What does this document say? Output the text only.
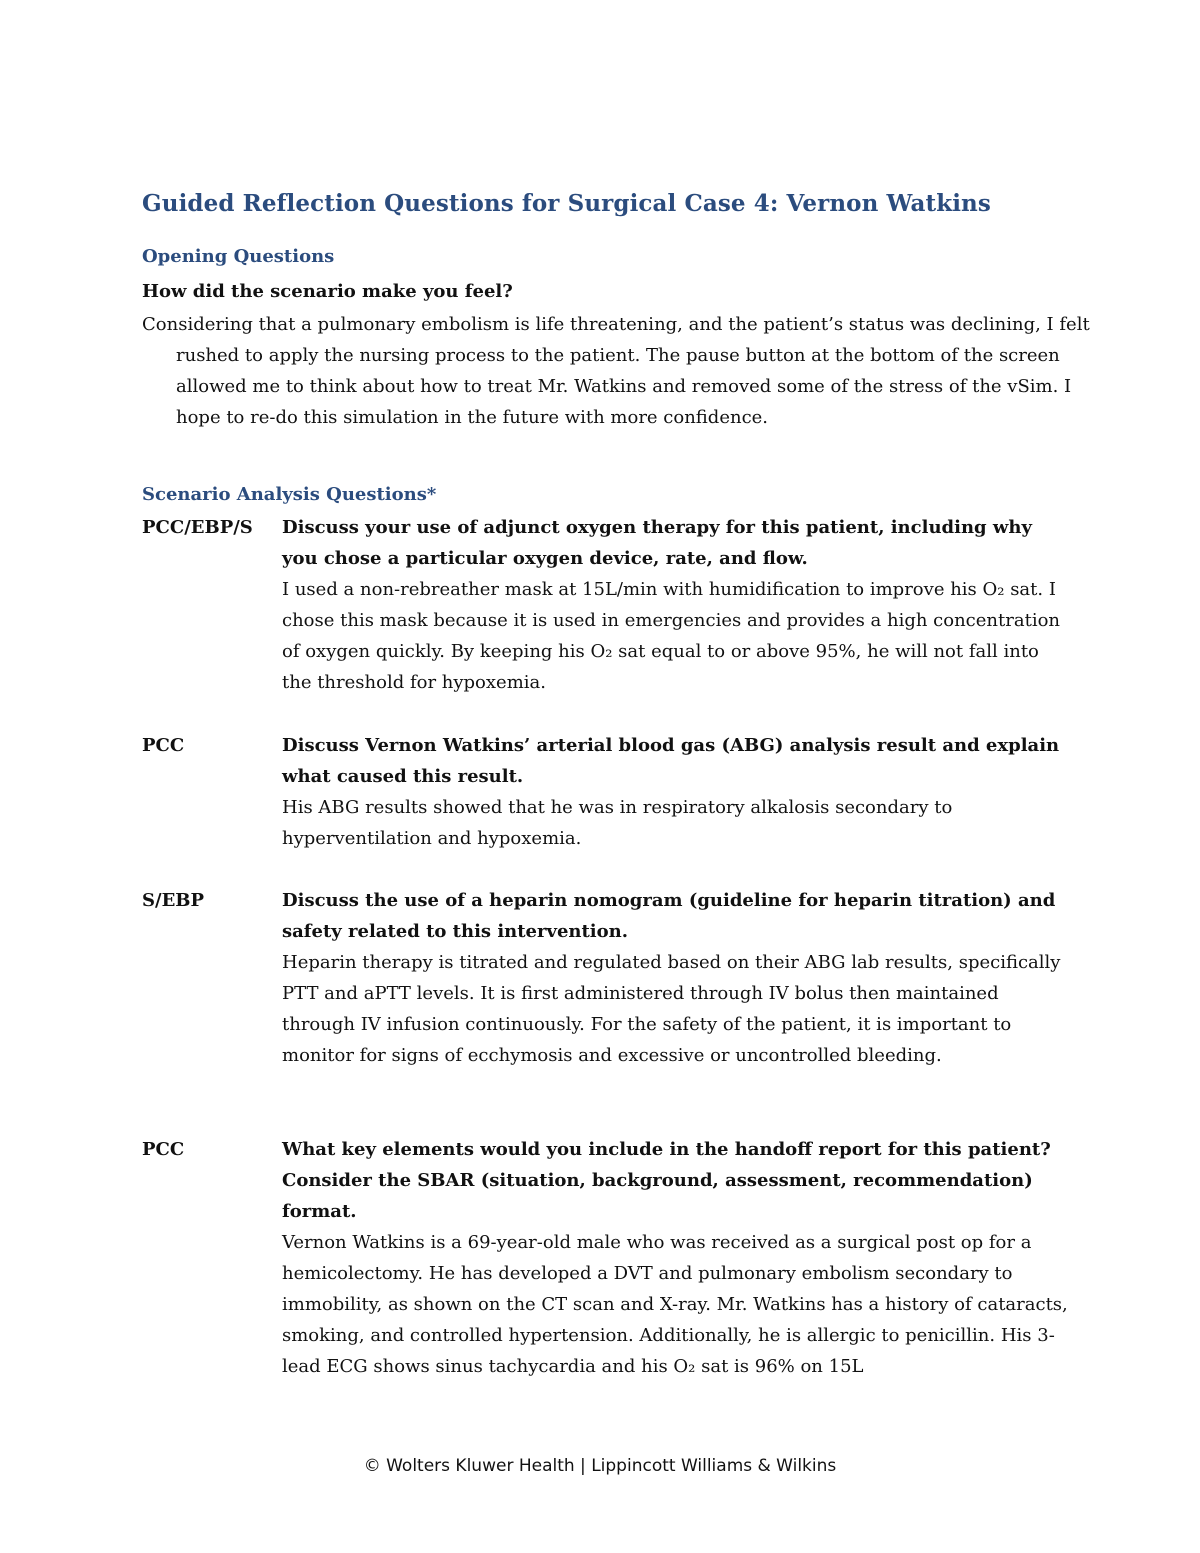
Guided Reflection Questions for Surgical Case 4: Vernon Watkins
Opening Questions
How did the scenario make you feel?
Considering that a pulmonary embolism is life threatening, and the patient’s status was declining, I felt rushed to apply the nursing process to the patient. The pause button at the bottom of the screen allowed me to think about how to treat Mr. Watkins and removed some of the stress of the vSim. I hope to re-do this simulation in the future with more confidence.
Scenario Analysis Questions*
PCC/EBP/S Discuss your use of adjunct oxygen therapy for this patient, including why you chose a particular oxygen device, rate, and flow.
I used a non-rebreather mask at 15L/min with humidification to improve his O₂ sat. I chose this mask because it is used in emergencies and provides a high concentration of oxygen quickly. By keeping his O₂ sat equal to or above 95%, he will not fall into the threshold for hypoxemia.
PCC	Discuss Vernon Watkins’ arterial blood gas (ABG) analysis result and explain what caused this result.
His ABG results showed that he was in respiratory alkalosis secondary to hyperventilation and hypoxemia.
S/EBP	Discuss the use of a heparin nomogram (guideline for heparin titration) and safety related to this intervention.
Heparin therapy is titrated and regulated based on their ABG lab results, specifically PTT and aPTT levels. It is first administered through IV bolus then maintained through IV infusion continuously. For the safety of the patient, it is important to monitor for signs of ecchymosis and excessive or uncontrolled bleeding.
PCC	What key elements would you include in the handoff report for this patient? Consider the SBAR (situation, background, assessment, recommendation) format.
Vernon Watkins is a 69-year-old male who was received as a surgical post op for a hemicolectomy. He has developed a DVT and pulmonary embolism secondary to immobility, as shown on the CT scan and X-ray. Mr. Watkins has a history of cataracts, smoking, and controlled hypertension. Additionally, he is allergic to penicillin. His 3-lead ECG shows sinus tachycardia and his O₂ sat is 96% on 15L
© Wolters Kluwer Health | Lippincott Williams & Wilkins
